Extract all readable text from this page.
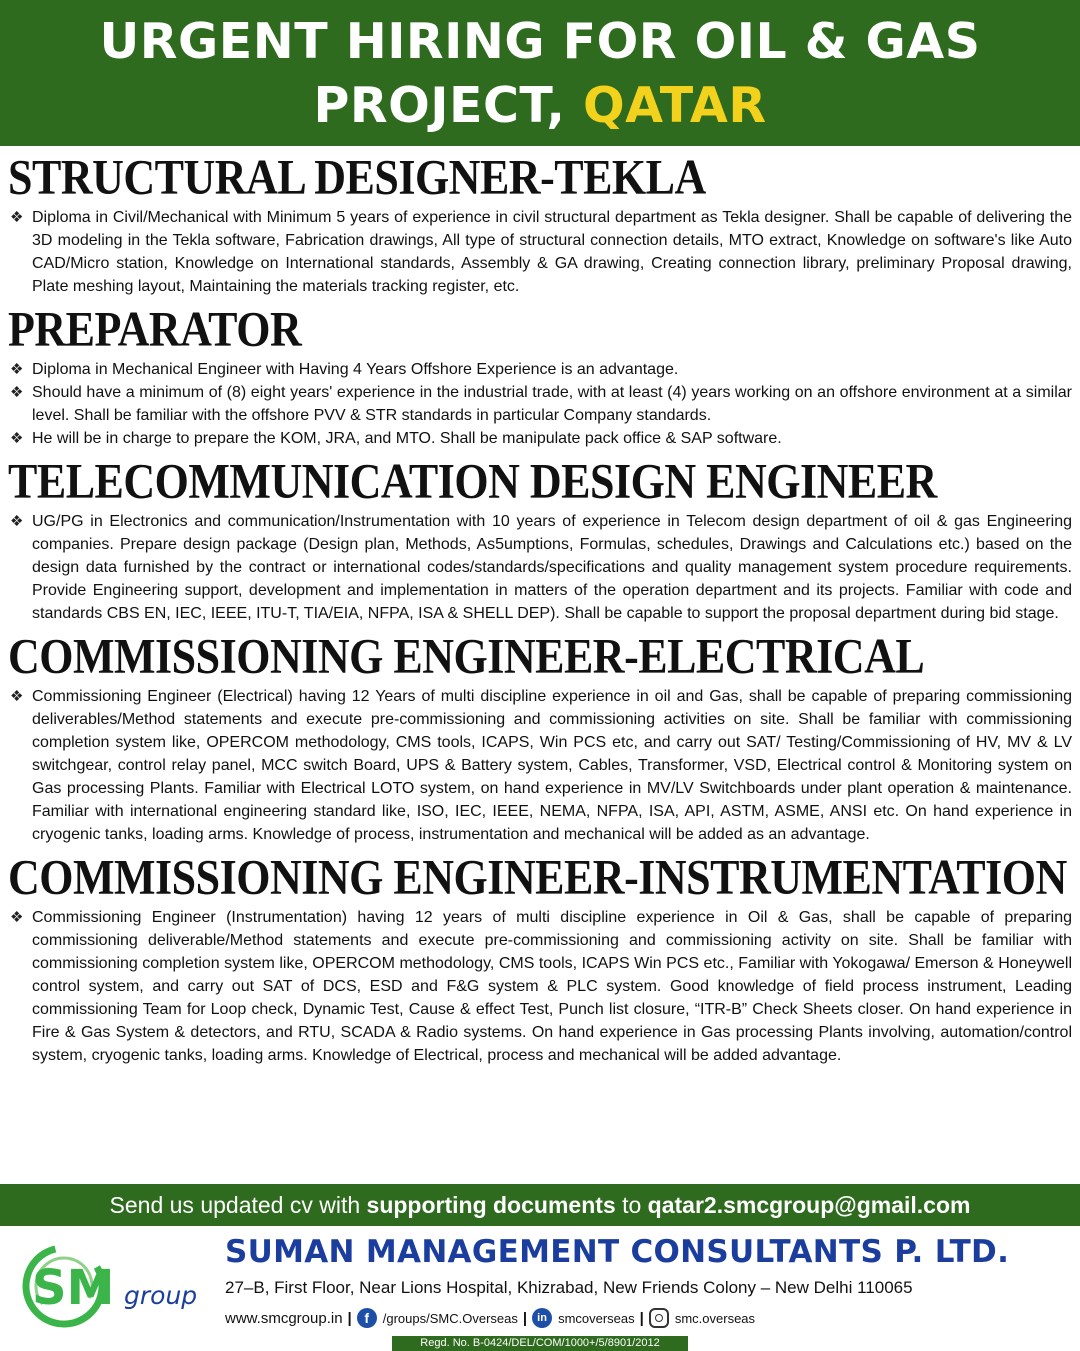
URGENT HIRING FOR OIL & GAS
PROJECT, QATAR
STRUCTURAL DESIGNER-TEKLA
❖ Diploma in Civil/Mechanical with Minimum 5 years of experience in civil structural department as Tekla designer. Shall be capable of delivering the 3D modeling in the Tekla software, Fabrication drawings, All type of structural connection details, MTO extract, Knowledge on software's like Auto CAD/Micro station, Knowledge on International standards, Assembly & GA drawing, Creating connection library, preliminary Proposal drawing, Plate meshing layout, Maintaining the materials tracking register, etc.
PREPARATOR
❖ Diploma in Mechanical Engineer with Having 4 Years Offshore Experience is an advantage.
❖ Should have a minimum of (8) eight years' experience in the industrial trade, with at least (4) years working on an offshore environment at a similar level. Shall be familiar with the offshore PVV & STR standards in particular Company standards.
❖ He will be in charge to prepare the KOM, JRA, and MTO. Shall be manipulate pack office & SAP software.
TELECOMMUNICATION DESIGN ENGINEER
❖ UG/PG in Electronics and communication/Instrumentation with 10 years of experience in Telecom design department of oil & gas Engineering companies. Prepare design package (Design plan, Methods, As5umptions, Formulas, schedules, Drawings and Calculations etc.) based on the design data furnished by the contract or international codes/standards/specifications and quality management system procedure requirements. Provide Engineering support, development and implementation in matters of the operation department and its projects. Familiar with code and standards CBS EN, IEC, IEEE, ITU-T, TIA/EIA, NFPA, ISA & SHELL DEP). Shall be capable to support the proposal department during bid stage.
COMMISSIONING ENGINEER-ELECTRICAL
❖ Commissioning Engineer (Electrical) having 12 Years of multi discipline experience in oil and Gas, shall be capable of preparing commissioning deliverables/Method statements and execute pre-commissioning and commissioning activities on site. Shall be familiar with commissioning completion system like, OPERCOM methodology, CMS tools, ICAPS, Win PCS etc, and carry out SAT/ Testing/Commissioning of HV, MV & LV switchgear, control relay panel, MCC switch Board, UPS & Battery system, Cables, Transformer, VSD, Electrical control & Monitoring system on Gas processing Plants. Familiar with Electrical LOTO system, on hand experience in MV/LV Switchboards under plant operation & maintenance. Familiar with international engineering standard like, ISO, IEC, IEEE, NEMA, NFPA, ISA, API, ASTM, ASME, ANSI etc. On hand experience in cryogenic tanks, loading arms. Knowledge of process, instrumentation and mechanical will be added as an advantage.
COMMISSIONING ENGINEER-INSTRUMENTATION
❖ Commissioning Engineer (Instrumentation) having 12 years of multi discipline experience in Oil & Gas, shall be capable of preparing commissioning deliverable/Method statements and execute pre-commissioning and commissioning activity on site. Shall be familiar with commissioning completion system like, OPERCOM methodology, CMS tools, ICAPS Win PCS etc., Familiar with Yokogawa/ Emerson & Honeywell control system, and carry out SAT of DCS, ESD and F&G system & PLC system. Good knowledge of field process instrument, Leading commissioning Team for Loop check, Dynamic Test, Cause & effect Test, Punch list closure, “ITR-B” Check Sheets closer. On hand experience in Fire & Gas System & detectors, and RTU, SCADA & Radio systems. On hand experience in Gas processing Plants involving, automation/control system, cryogenic tanks, loading arms. Knowledge of Electrical, process and mechanical will be added advantage.
Send us updated cv with supporting documents to qatar2.smcgroup@gmail.com
SM group
SUMAN MANAGEMENT CONSULTANTS P. LTD.
27–B, First Floor, Near Lions Hospital, Khizrabad, New Friends Colony – New Delhi 110065
www.smcgroup.in | f	/groups/SMC.Overseas | in smcoverseas | smc.overseas
Regd. No. B-0424/DEL/COM/1000+/5/8901/2012
